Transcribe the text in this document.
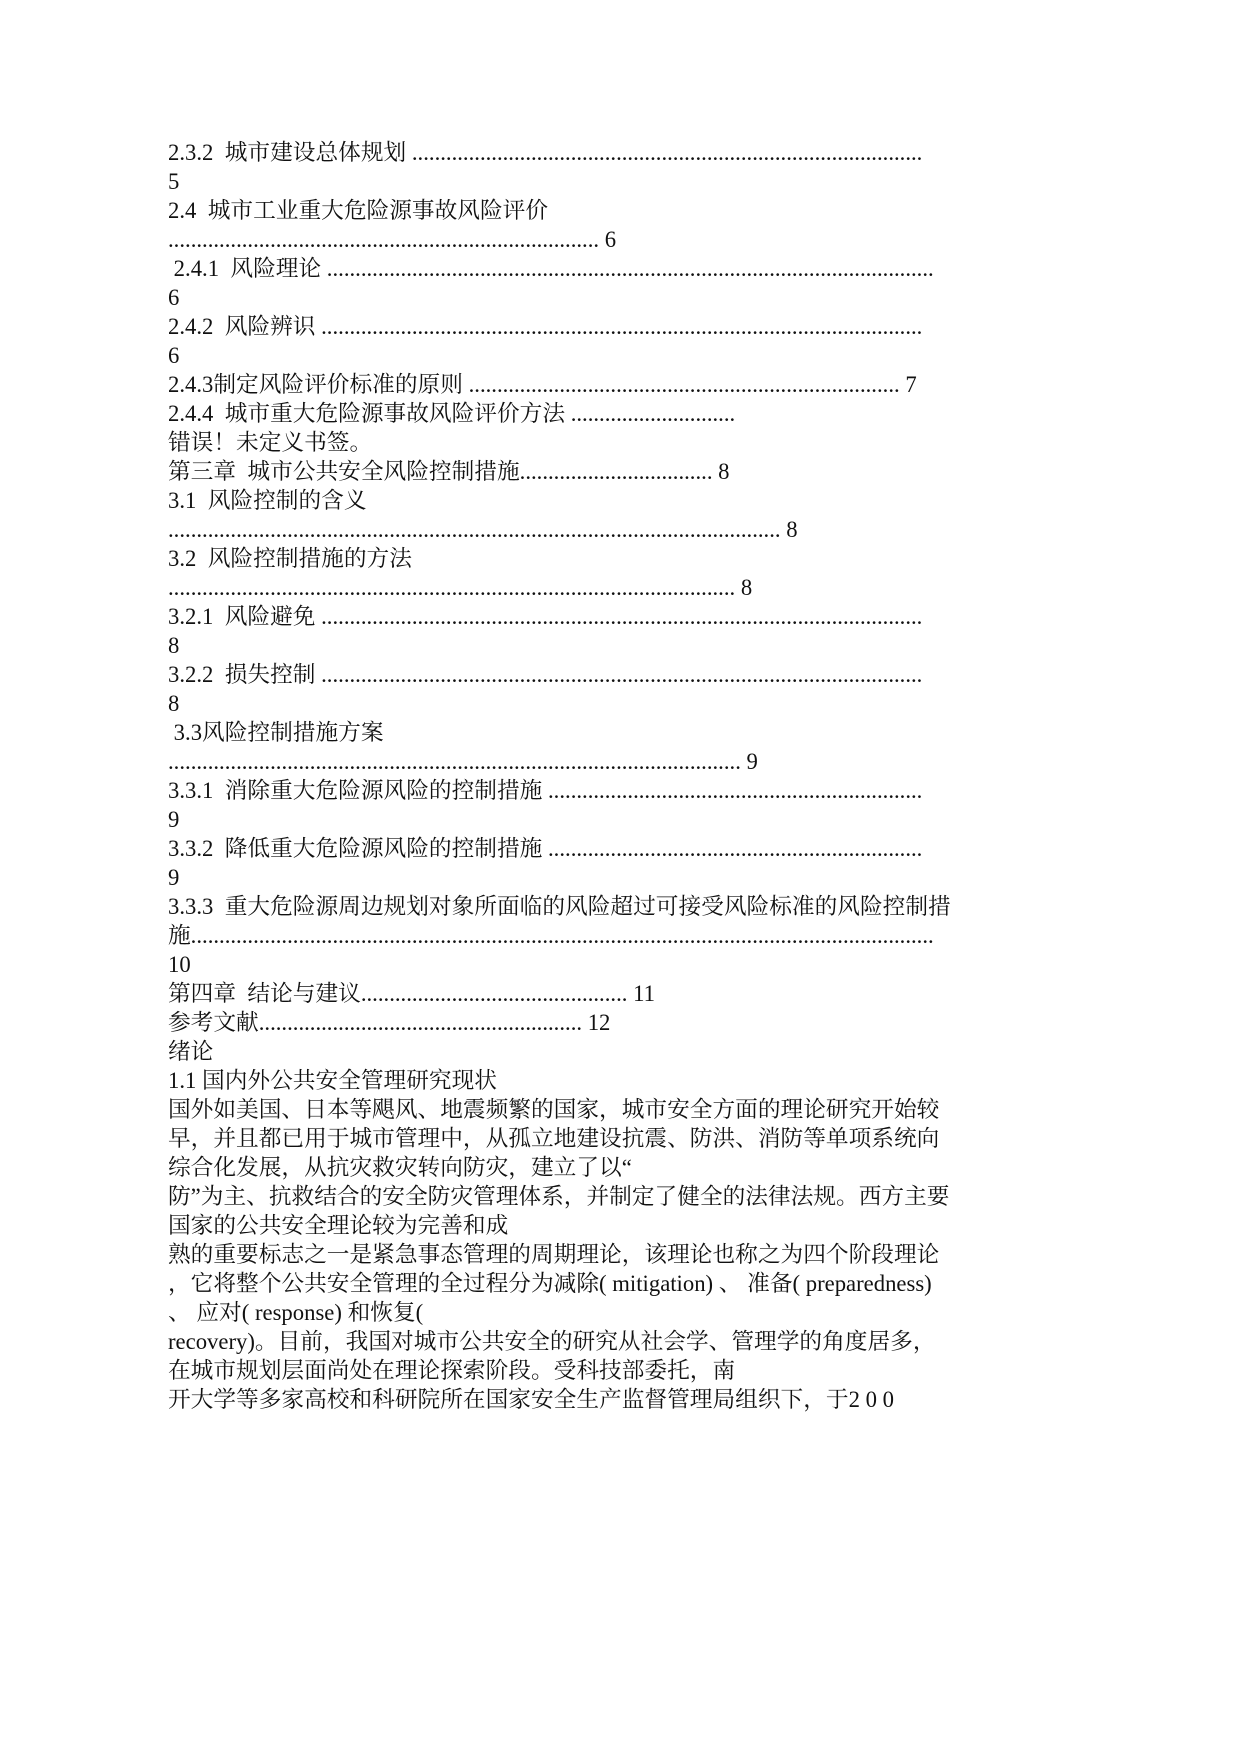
2.3.2  城市建设总体规划 ..........................................................................................
5
2.4  城市工业重大危险源事故风险评价
............................................................................ 6
2.4.1  风险理论 ...........................................................................................................
6
2.4.2  风险辨识 ..........................................................................................................
6
2.4.3制定风险评价标准的原则 ............................................................................ 7
2.4.4  城市重大危险源事故风险评价方法 .............................
错误！未定义书签。
第三章  城市公共安全风险控制措施.................................. 8
3.1  风险控制的含义
............................................................................................................ 8
3.2  风险控制措施的方法
.................................................................................................... 8
3.2.1  风险避免 ..........................................................................................................
8
3.2.2  损失控制 ..........................................................................................................
8
3.3风险控制措施方案
..................................................................................................... 9
3.3.1  消除重大危险源风险的控制措施 ..................................................................
9
3.3.2  降低重大危险源风险的控制措施 ..................................................................
9
3.3.3  重大危险源周边规划对象所面临的风险超过可接受风险标准的风险控制措
施...................................................................................................................................
10
第四章  结论与建议............................................... 11
参考文献......................................................... 12
绪论
1.1 国内外公共安全管理研究现状
国外如美国、日本等飓风、地震频繁的国家，城市安全方面的理论研究开始较
早，并且都已用于城市管理中，从孤立地建设抗震、防洪、消防等单项系统向
综合化发展，从抗灾救灾转向防灾，建立了以“
防”为主、抗救结合的安全防灾管理体系，并制定了健全的法律法规。西方主要
国家的公共安全理论较为完善和成
熟的重要标志之一是紧急事态管理的周期理论，该理论也称之为四个阶段理论
，它将整个公共安全管理的全过程分为减除( mitigation) 、 准备( preparedness)
、 应对( response) 和恢复(
recovery)。目前，我国对城市公共安全的研究从社会学、管理学的角度居多，
在城市规划层面尚处在理论探索阶段。受科技部委托，南
开大学等多家高校和科研院所在国家安全生产监督管理局组织下，于2 0 0
